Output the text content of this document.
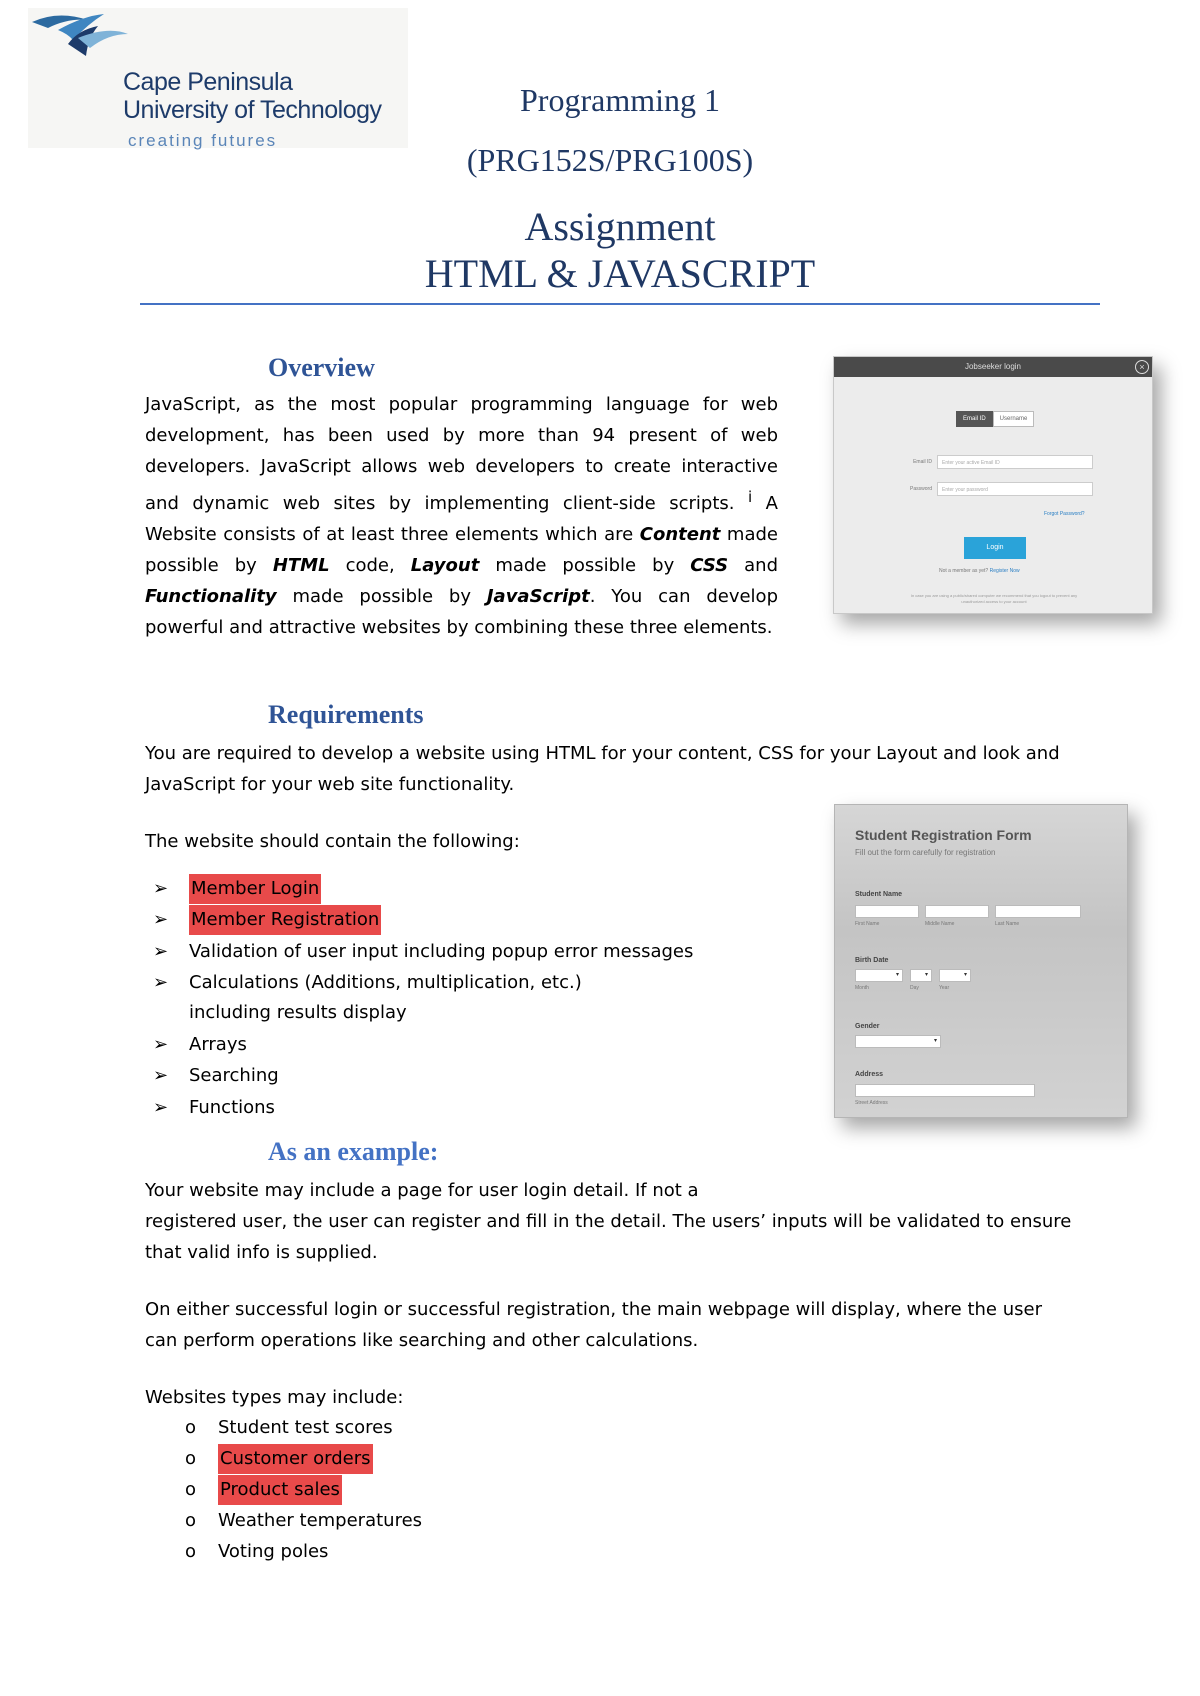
Cape Peninsula
University of Technology
creating futures
Programming 1
(PRG152S/PRG100S)
Assignment
HTML & JAVASCRIPT
Overview
JavaScript, as the most popular programming language for web development, has been used by more than 94 present of web developers. JavaScript allows web developers to create interactive and dynamic web sites by implementing client-side scripts. $^i$ A Website consists of at least three elements which are Content made possible by HTML code, Layout made possible by CSS and Functionality made possible by JavaScript. You can develop powerful and attractive websites by combining these three elements.
Jobseeker login	×
Email ID	Username
Email ID	Enter your active Email ID
Password	Enter your password
Forgot Password?
Login
Not a member as yet? Register Now
In case you are using a public/shared computer we recommend that you logout to prevent any unauthorized access to your account
Requirements
You are required to develop a website using HTML for your content, CSS for your Layout and look and JavaScript for your web site functionality.
The website should contain the following:
➢	Member Login
➢	Member Registration
➢	Validation of user input including popup error messages
➢	Calculations (Additions, multiplication, etc.) including results display
➢	Arrays
➢	Searching
➢	Functions
Student Registration Form
Fill out the form carefully for registration
Student Name
First Name	Middle Name	Last Name
Birth Date
▾	▾	▾
Month	Day	Year
Gender
▾
Address
Street Address
As an example:
Your website may include a page for user login detail. If not a
registered user, the user can register and fill in the detail. The users’ inputs will be validated to ensure that valid info is supplied.
On either successful login or successful registration, the main webpage will display, where the user can perform operations like searching and other calculations.
Websites types may include:
o	Student test scores
o	Customer orders
o	Product sales
o	Weather temperatures
o	Voting poles
